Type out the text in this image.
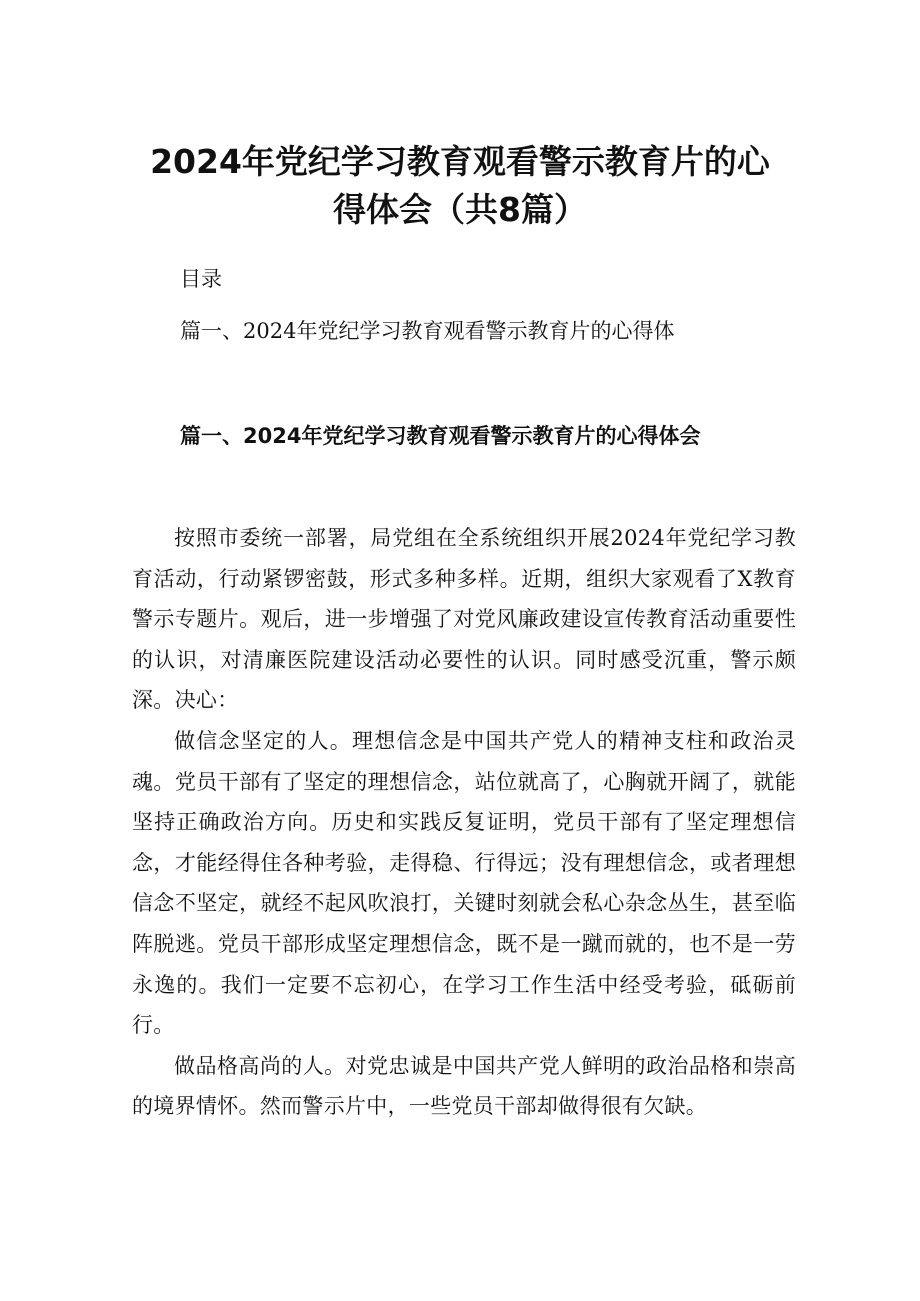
2024年党纪学习教育观看警示教育片的心
得体会（共8篇）
目录
篇一、2024年党纪学习教育观看警示教育片的心得体
篇一、2024年党纪学习教育观看警示教育片的心得体会

按照市委统一部署，局党组在全系统组织开展2024年党纪学习教育活动，行动紧锣密鼓，形式多种多样。近期，组织大家观看了X教育警示专题片。观后，进一步增强了对党风廉政建设宣传教育活动重要性的认识，对清廉医院建设活动必要性的认识。同时感受沉重，警示颇深。决心：

做信念坚定的人。理想信念是中国共产党人的精神支柱和政治灵魂。党员干部有了坚定的理想信念，站位就高了，心胸就开阔了，就能坚持正确政治方向。历史和实践反复证明，党员干部有了坚定理想信念，才能经得住各种考验，走得稳、行得远；没有理想信念，或者理想信念不坚定，就经不起风吹浪打，关键时刻就会私心杂念丛生，甚至临阵脱逃。党员干部形成坚定理想信念，既不是一蹴而就的，也不是一劳永逸的。我们一定要不忘初心，在学习工作生活中经受考验，砥砺前行。

做品格高尚的人。对党忠诚是中国共产党人鲜明的政治品格和崇高的境界情怀。然而警示片中，一些党员干部却做得很有欠缺。
